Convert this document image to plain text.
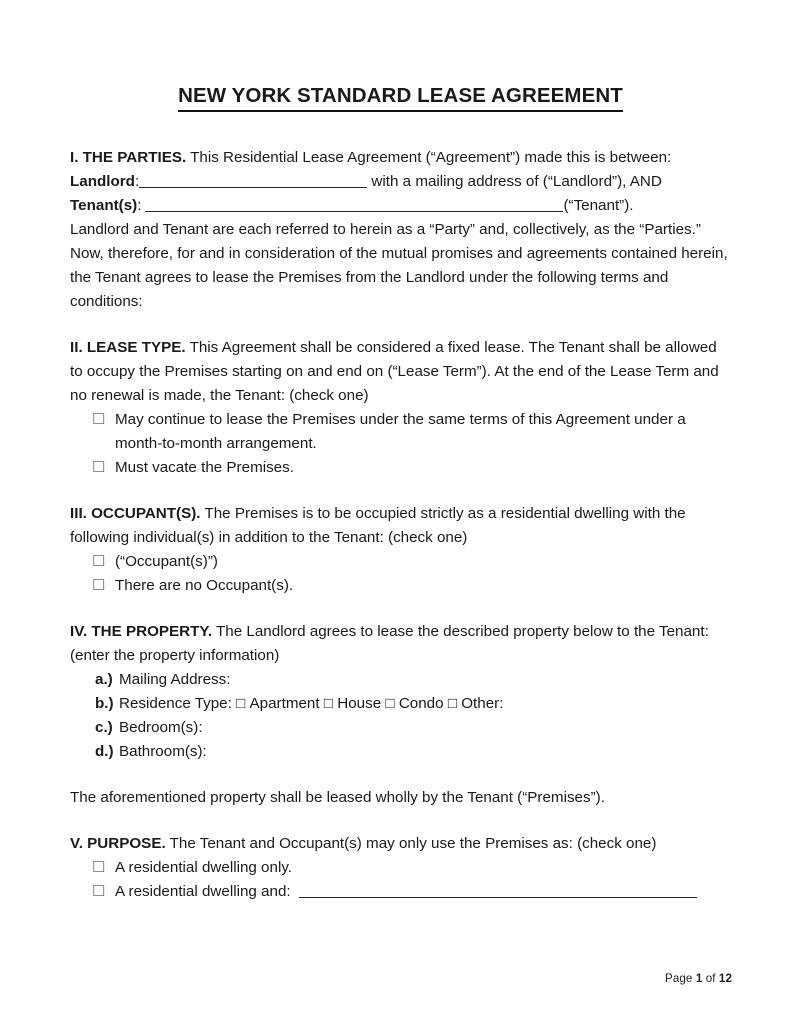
NEW YORK STANDARD LEASE AGREEMENT

I. THE PARTIES. This Residential Lease Agreement (“Agreement”) made this is between:

Landlord:	with a mailing address of (“Landlord”), AND

Tenant(s):	(“Tenant”).

Landlord and Tenant are each referred to herein as a “Party” and, collectively, as the “Parties.” Now, therefore, for and in consideration of the mutual promises and agreements contained herein, the Tenant agrees to lease the Premises from the Landlord under the following terms and conditions:

II. LEASE TYPE. This Agreement shall be considered a fixed lease. The Tenant shall be allowed to occupy the Premises starting on and end on (“Lease Term”). At the end of the Lease Term and no renewal is made, the Tenant: (check one)

☐ May continue to lease the Premises under the same terms of this Agreement under a month-to-month arrangement.
☐ Must vacate the Premises.

III. OCCUPANT(S). The Premises is to be occupied strictly as a residential dwelling with the following individual(s) in addition to the Tenant: (check one)

☐ (“Occupant(s)”)
☐ There are no Occupant(s).

IV. THE PROPERTY. The Landlord agrees to lease the described property below to the Tenant: (enter the property information)

a.) Mailing Address:
b.) Residence Type: □ Apartment □ House □ Condo □ Other:
c.) Bedroom(s):
d.) Bathroom(s):

The aforementioned property shall be leased wholly by the Tenant (“Premises”).

V. PURPOSE. The Tenant and Occupant(s) may only use the Premises as: (check one)

☐ A residential dwelling only.
☐ A residential dwelling and:
Page 1 of 12
